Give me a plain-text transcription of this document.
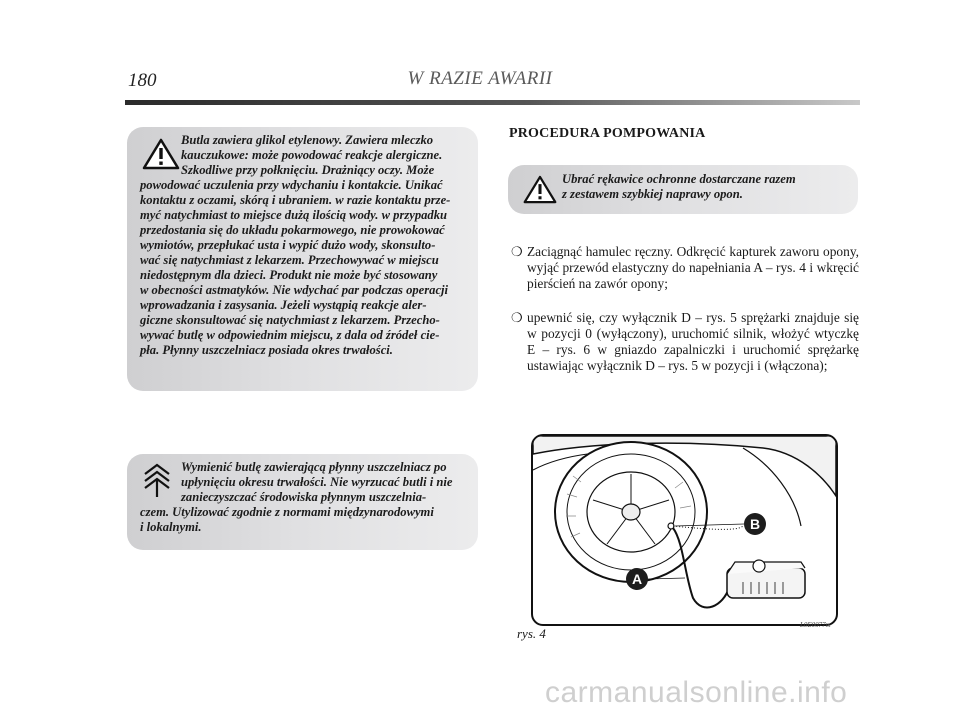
180	W RAZIE AWARII
Butla zawiera glikol etylenowy. Zawiera mleczko
kauczukowe: może powodować reakcje alergiczne.
Szkodliwe przy połknięciu. Drażniący oczy. Może
powodować uczulenia przy wdychaniu i kontakcie. Unikać
kontaktu z oczami, skórą i ubraniem. w razie kontaktu prze-
myć natychmiast to miejsce dużą ilością wody. w przypadku
przedostania się do układu pokarmowego, nie prowokować
wymiotów, przepłukać usta i wypić dużo wody, skonsulto-
wać się natychmiast z lekarzem. Przechowywać w miejscu
niedostępnym dla dzieci. Produkt nie może być stosowany
w obecności astmatyków. Nie wdychać par podczas operacji
wprowadzania i zasysania. Jeżeli wystąpią reakcje aler-
giczne skonsultować się natychmiast z lekarzem. Przecho-
wywać butlę w odpowiednim miejscu, z dala od źródeł cie-
pła. Płynny uszczelniacz posiada okres trwałości.
Wymienić butlę zawierającą płynny uszczelniacz po
upłynięciu okresu trwałości. Nie wyrzucać butli i nie
zanieczyszczać środowiska płynnym uszczelnia-
czem. Utylizować zgodnie z normami międzynarodowymi
i lokalnymi.
PROCEDURA POMPOWANIA
Ubrać rękawice ochronne dostarczane razem
z zestawem szybkiej naprawy opon.
❍ Zaciągnąć hamulec ręczny. Odkręcić kapturek zaworu opony, wyjąć przewód elastyczny do napełniania A – rys. 4 i wkręcić pierścień na zawór opony;
❍ upewnić się, czy wyłącznik D – rys. 5 sprężarki znajduje się w pozycji 0 (wyłączony), uruchomić silnik, włożyć wtyczkę E – rys. 6 w gniazdo zapalniczki i uruchomić sprężarkę ustawiając wyłącznik D – rys. 5 w pozycji i (włączona);
B
A
rys. 4
L0E0077m
carmanualsonline.info
